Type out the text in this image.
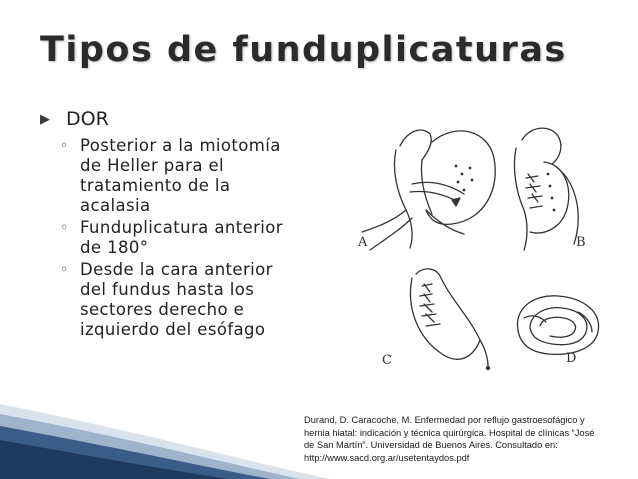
Tipos de funduplicaturas
▶ DOR
◦ Posterior a la miotomía
de Heller para el
tratamiento de la
acalasia
◦ Funduplicatura anterior
de 180°
◦ Desde la cara anterior
del fundus hasta los
sectores derecho e
izquierdo del esófago
A	B
C	D

Durand, D. Caracoche, M. Enfermedad por reflujo gastroesofágico y

hernia hiatal: indicación y técnica quirúrgica. Hospital de clínicas “José

de San Martín”. Universidad de Buenos Aires. Consultado en:

http://www.sacd.org.ar/usetentaydos.pdf
